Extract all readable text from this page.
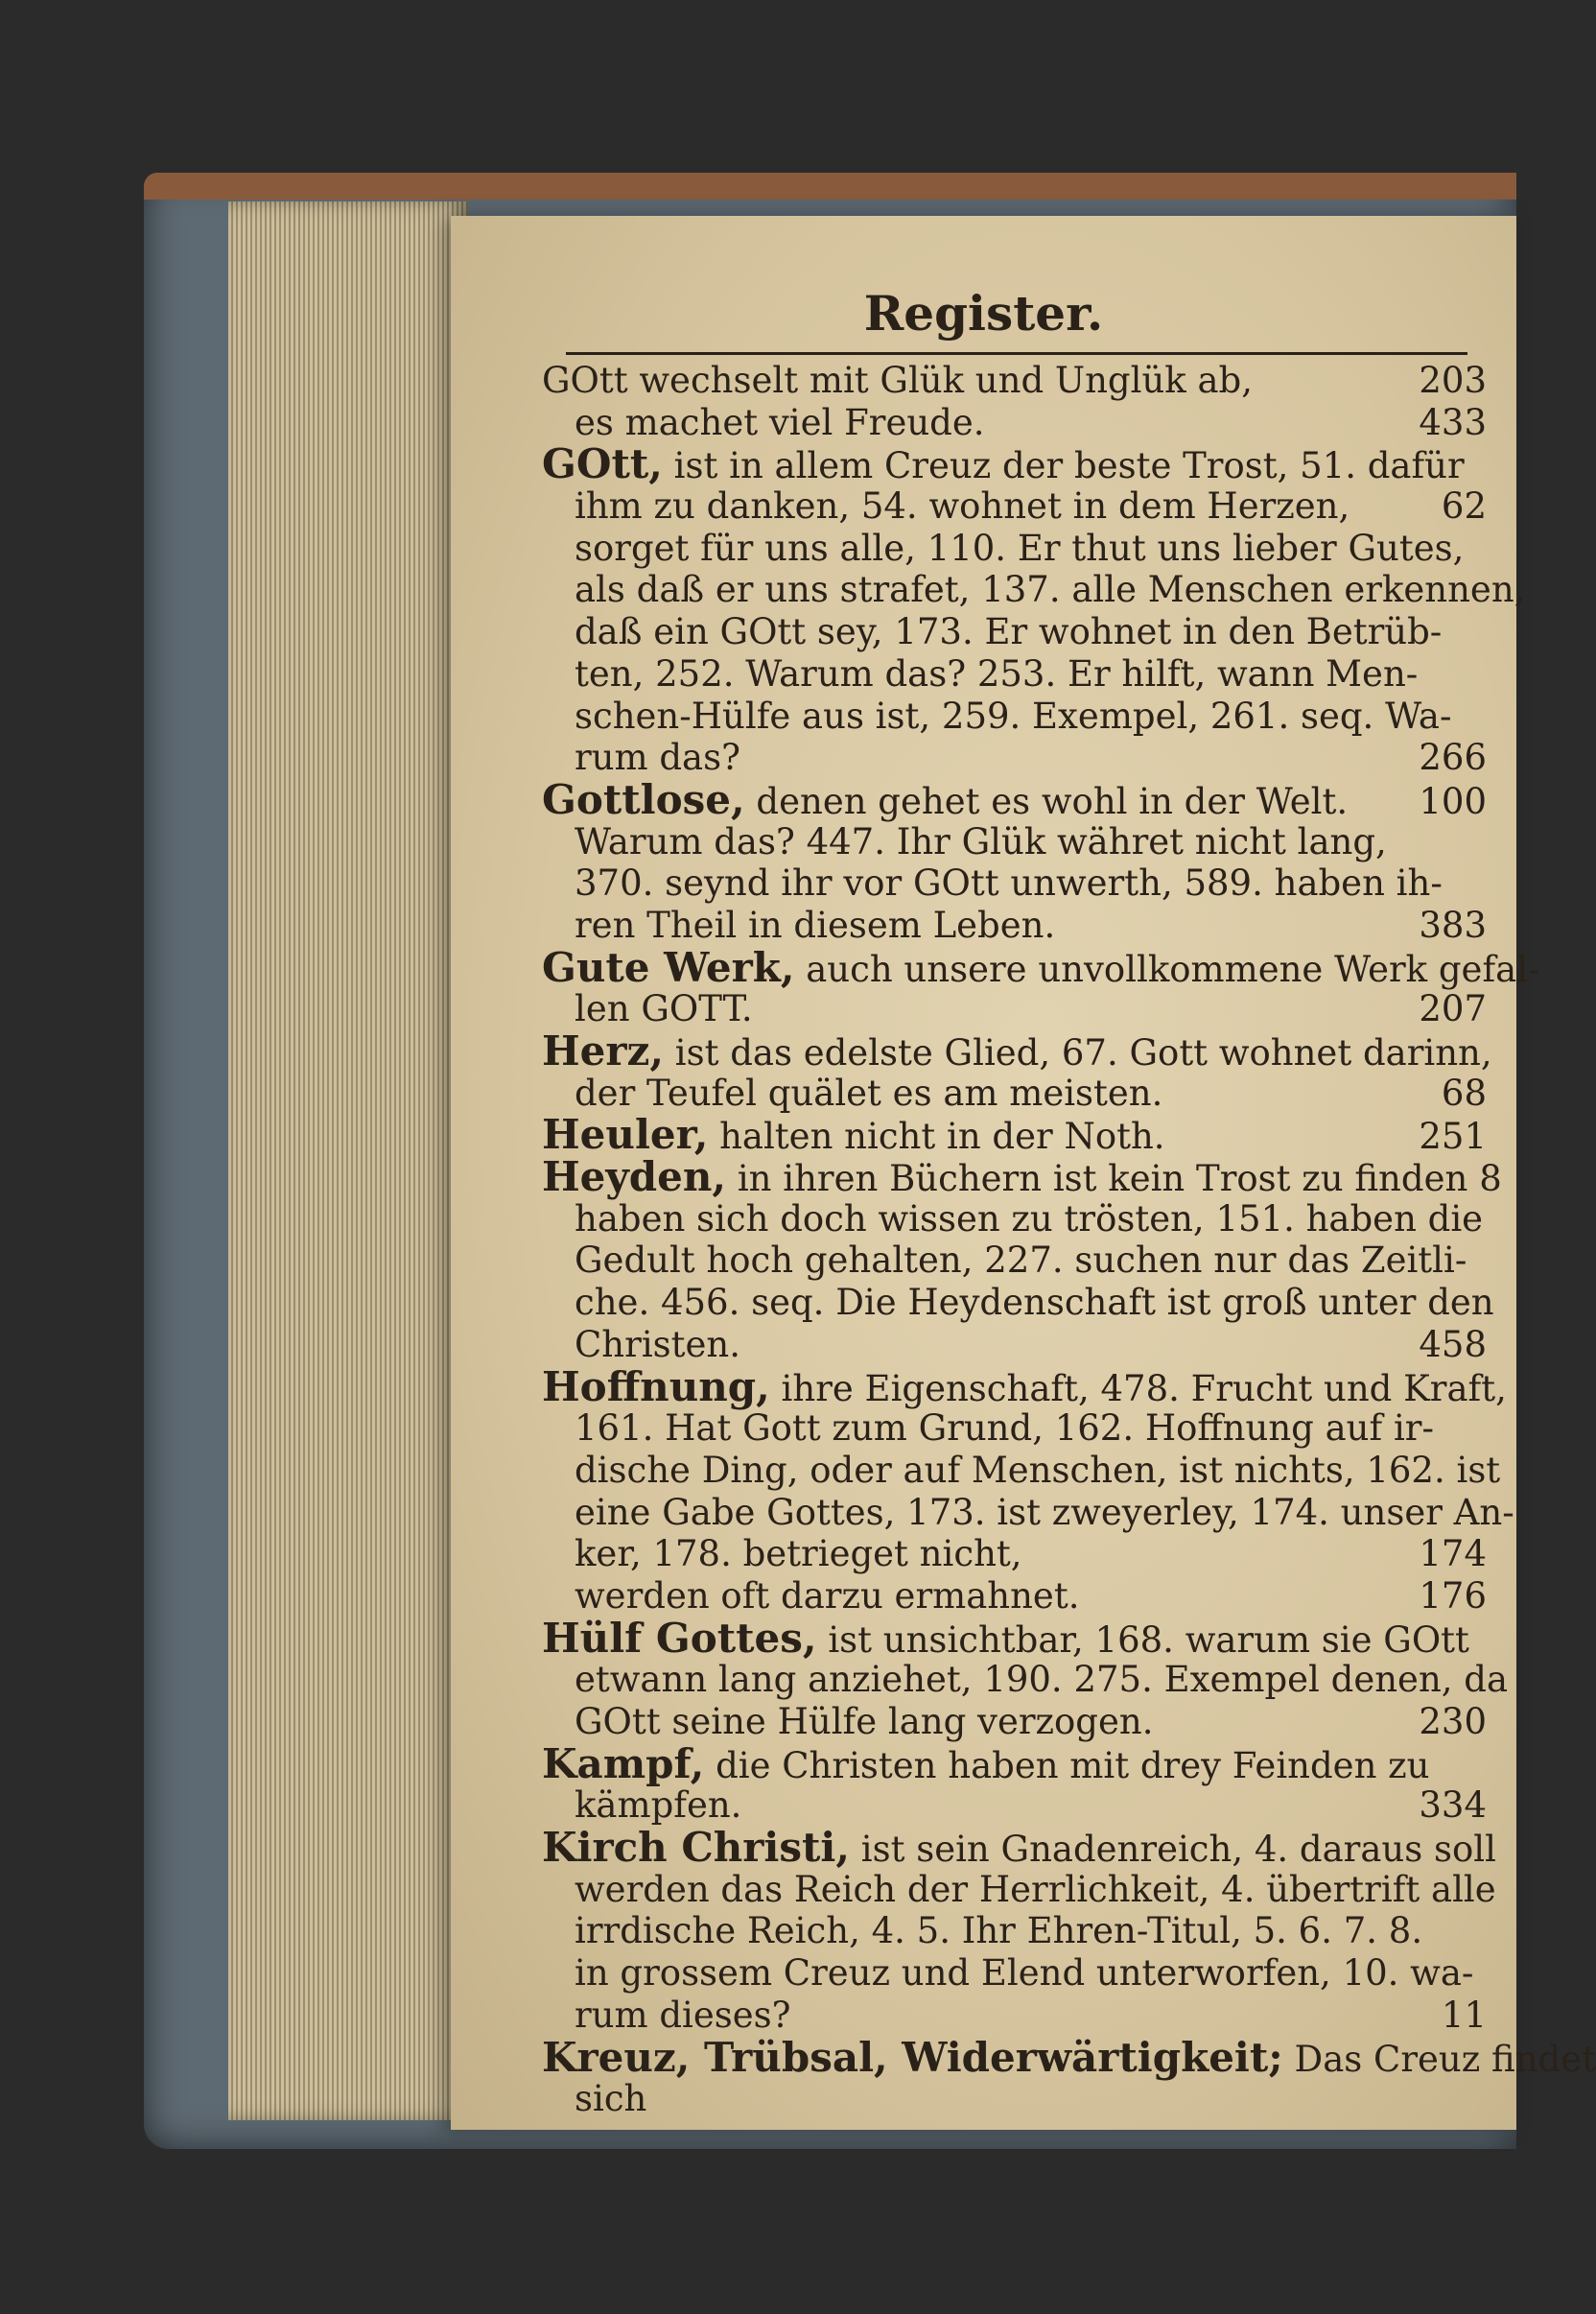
Register.
GOtt wechselt mit Glük und Unglük ab,	203
es machet viel Freude.	433
GOtt, ist in allem Creuz der beste Trost, 51. dafür
ihm zu danken, 54. wohnet in dem Herzen,	62
sorget für uns alle, 110. Er thut uns lieber Gutes,
als daß er uns strafet, 137. alle Menschen erkennen,
daß ein GOtt sey, 173. Er wohnet in den Betrüb-
ten, 252. Warum das? 253. Er hilft, wann Men-
schen-Hülfe aus ist, 259. Exempel, 261. seq. Wa-
rum das?	266
Gottlose, denen gehet es wohl in der Welt.	100
Warum das? 447. Ihr Glük währet nicht lang,
370. seynd ihr vor GOtt unwerth, 589. haben ih-
ren Theil in diesem Leben.	383
Gute Werk, auch unsere unvollkommene Werk gefal-
len GOTT.	207
Herz, ist das edelste Glied, 67. Gott wohnet darinn,
der Teufel quälet es am meisten.	68
Heuler, halten nicht in der Noth.	251
Heyden, in ihren Büchern ist kein Trost zu finden 8
haben sich doch wissen zu trösten, 151. haben die
Gedult hoch gehalten, 227. suchen nur das Zeitli-
che. 456. seq. Die Heydenschaft ist groß unter den
Christen.	458
Hoffnung, ihre Eigenschaft, 478. Frucht und Kraft,
161. Hat Gott zum Grund, 162. Hoffnung auf ir-
dische Ding, oder auf Menschen, ist nichts, 162. ist
eine Gabe Gottes, 173. ist zweyerley, 174. unser An-
ker, 178. betrieget nicht,	174
werden oft darzu ermahnet.	176
Hülf Gottes, ist unsichtbar, 168. warum sie GOtt
etwann lang anziehet, 190. 275. Exempel denen, da
GOtt seine Hülfe lang verzogen.	230
Kampf, die Christen haben mit drey Feinden zu
kämpfen.	334
Kirch Christi, ist sein Gnadenreich, 4. daraus soll
werden das Reich der Herrlichkeit, 4. übertrift alle
irrdische Reich, 4. 5. Ihr Ehren-Titul, 5. 6. 7. 8.
in grossem Creuz und Elend unterworfen, 10. wa-
rum dieses?	11
Kreuz, Trübsal, Widerwärtigkeit; Das Creuz findet
sich
